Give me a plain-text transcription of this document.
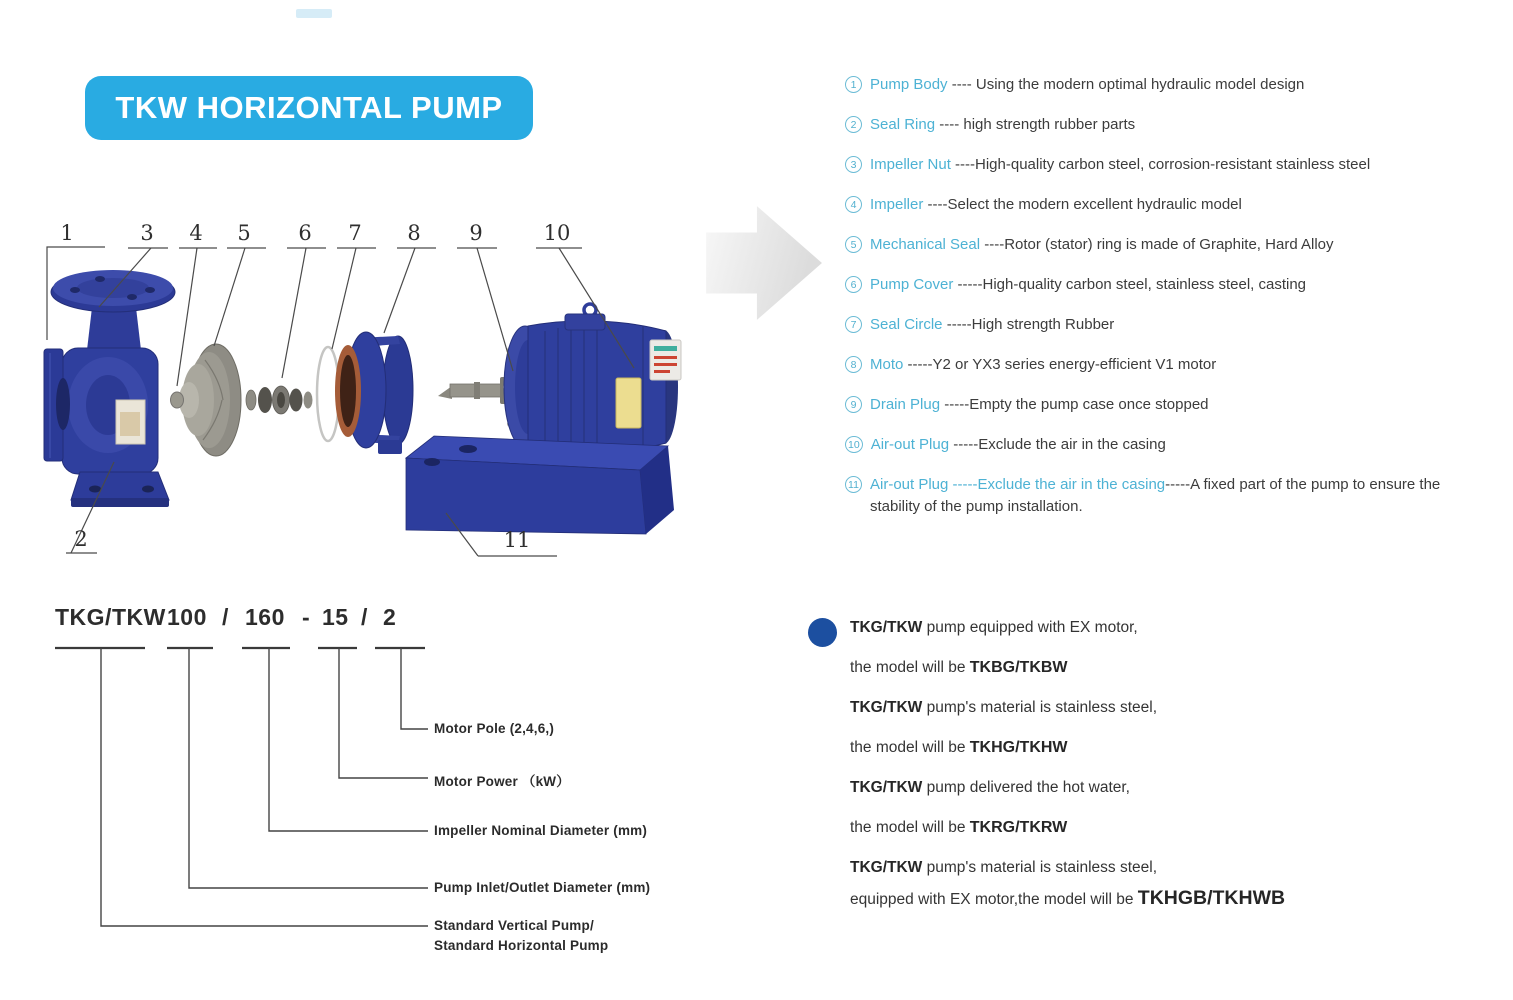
TKW HORIZONTAL PUMP
1	3 4 5 6 7 8 9	10
2	11
1 Pump Body ---- Using the modern optimal hydraulic model design
2 Seal Ring ---- high strength rubber parts
3 Impeller Nut ----High-quality carbon steel, corrosion-resistant stainless steel
4 Impeller ----Select the modern excellent hydraulic model
5 Mechanical Seal ----Rotor (stator) ring is made of Graphite, Hard Alloy
6 Pump Cover -----High-quality carbon steel, stainless steel, casting
7 Seal Circle -----High strength Rubber
8 Moto -----Y2 or YX3 series energy-efficient V1 motor
9 Drain Plug -----Empty the pump case once stopped
10 Air-out Plug -----Exclude the air in the casing
11 Air-out Plug -----Exclude the air in the casing-----A fixed part of the pump to ensure the stability of the pump installation.
TKG/TKW 100 / 160 - 15 / 2
Motor Pole (2,4,6,)
Motor Power （kW）
Impeller Nominal Diameter (mm)
Pump Inlet/Outlet Diameter (mm)
Standard Vertical Pump/
Standard Horizontal Pump
TKG/TKW pump equipped with EX motor,
the model will be TKBG/TKBW
TKG/TKW pump's material is stainless steel,
the model will be TKHG/TKHW
TKG/TKW pump delivered the hot water,
the model will be TKRG/TKRW
TKG/TKW pump's material is stainless steel,
equipped with EX motor,the model will be TKHGB/TKHWB
